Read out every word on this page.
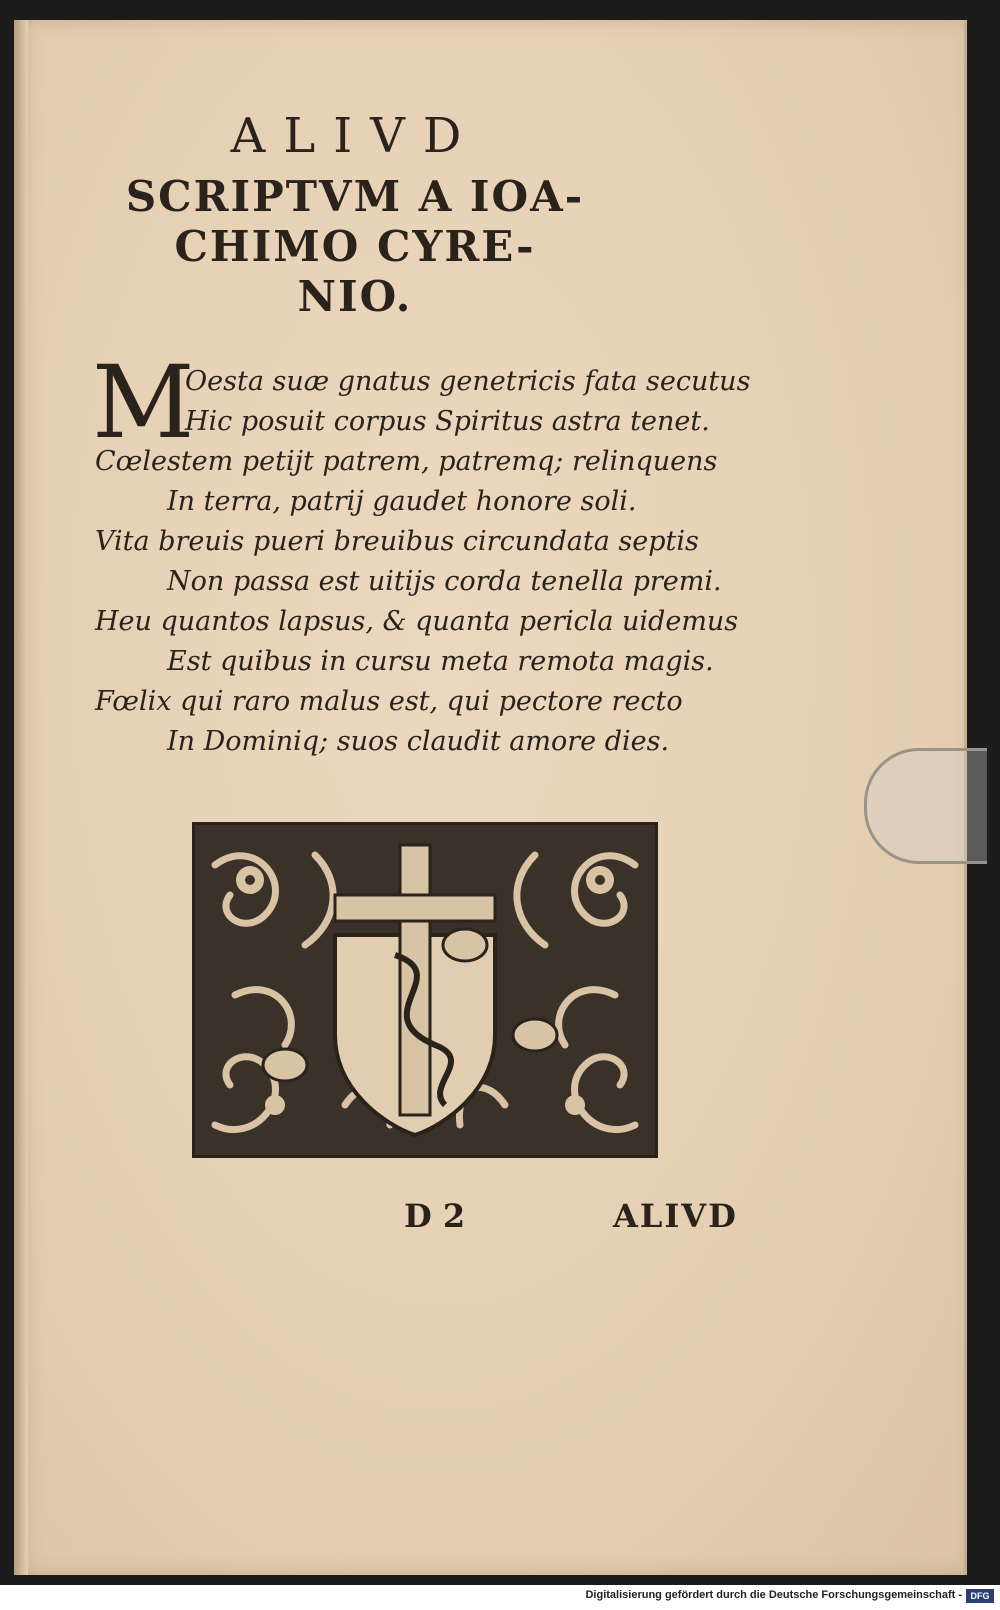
ALIVD
SCRIPTVM A IOA-
CHIMO CYRE-
NIO.
M
Oesta suæ gnatus genetricis fata secutus
Hic posuit corpus Spiritus astra tenet.
Cœlestem petijt patrem, patremq; relinquens
In terra, patrij gaudet honore soli.
Vita breuis pueri breuibus circundata septis
Non passa est uitijs corda tenella premi.
Heu quantos lapsus, & quanta pericla uidemus
Est quibus in cursu meta remota magis.
Fœlix qui raro malus est, qui pectore recto
In Dominiq; suos claudit amore dies.
D 2	ALIVD
Digitalisierung gefördert durch die Deutsche Forschungsgemeinschaft - DFG
